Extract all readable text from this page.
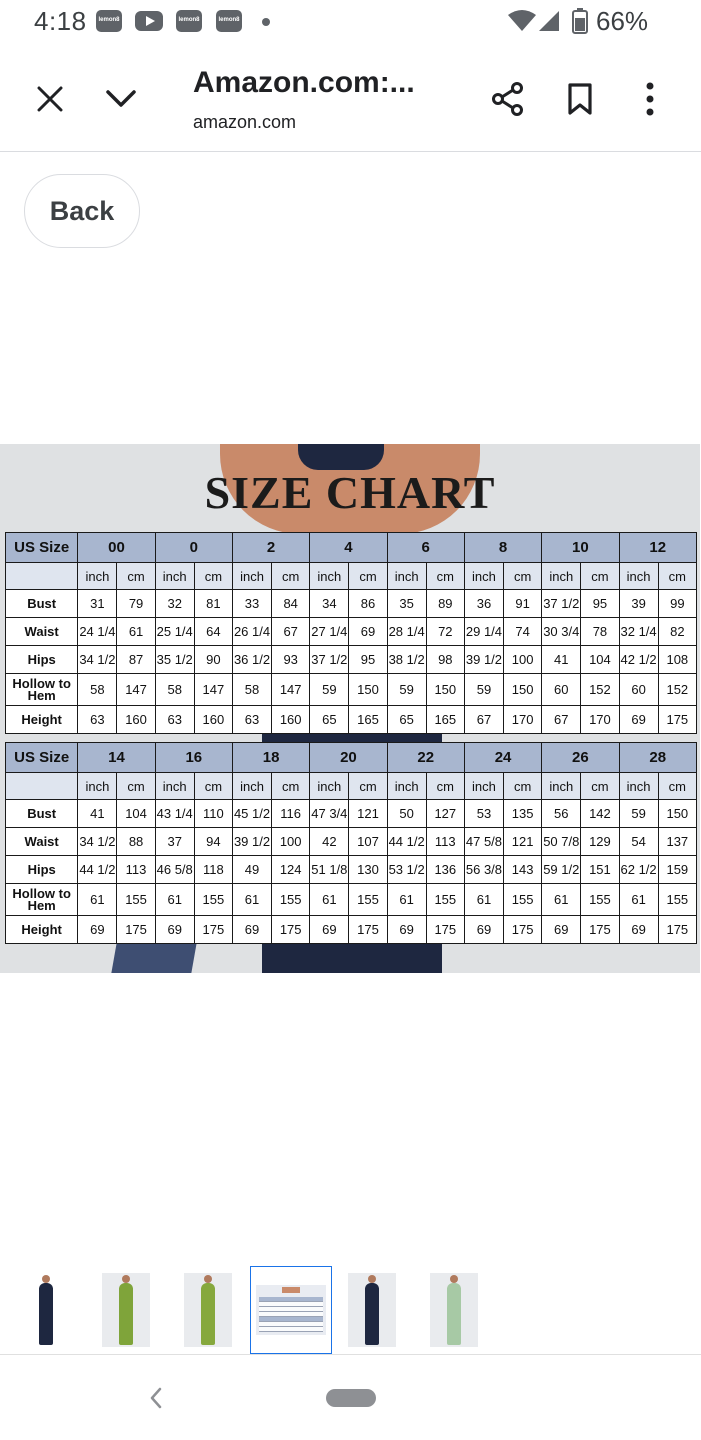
4:18	lemon8	lemon8	lemon8	66%
Amazon.com:...
amazon.com
Back
SIZE CHART
US Size	00		0		2		4		6		8		10		12	
	inch	cm	inch	cm	inch	cm	inch	cm	inch	cm	inch	cm	inch	cm	inch	cm
Bust	31	79	32	81	33	84	34	86	35	89	36	91	37 1/2	95	39	99
Waist	24 1/4	61	25 1/4	64	26 1/4	67	27 1/4	69	28 1/4	72	29 1/4	74	30 3/4	78	32 1/4	82
Hips	34 1/2	87	35 1/2	90	36 1/2	93	37 1/2	95	38 1/2	98	39 1/2	100	41	104	42 1/2	108
Hollow to Hem	58	147	58	147	58	147	59	150	59	150	59	150	60	152	60	152
Height	63	160	63	160	63	160	65	165	65	165	67	170	67	170	69	175
US Size	14		16		18		20		22		24		26		28	
	inch	cm	inch	cm	inch	cm	inch	cm	inch	cm	inch	cm	inch	cm	inch	cm
Bust	41	104	43 1/4	110	45 1/2	116	47 3/4	121	50	127	53	135	56	142	59	150
Waist	34 1/2	88	37	94	39 1/2	100	42	107	44 1/2	113	47 5/8	121	50 7/8	129	54	137
Hips	44 1/2	113	46 5/8	118	49	124	51 1/8	130	53 1/2	136	56 3/8	143	59 1/2	151	62 1/2	159
Hollow to Hem	61	155	61	155	61	155	61	155	61	155	61	155	61	155	61	155
Height	69	175	69	175	69	175	69	175	69	175	69	175	69	175	69	175
